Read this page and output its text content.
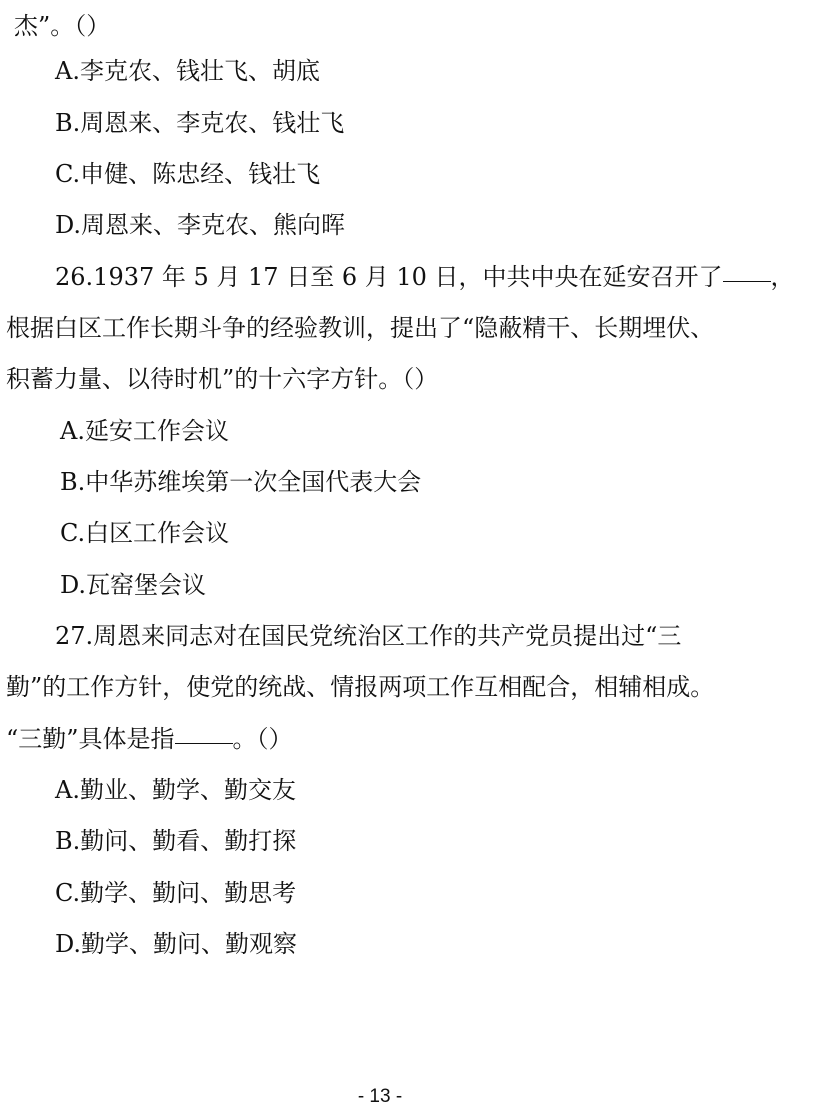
杰”。（）
A.李克农、钱壮飞、胡底
B.周恩来、李克农、钱壮飞
C.申健、陈忠经、钱壮飞
D.周恩来、李克农、熊向晖
26.1937 年 5 月 17 日至 6 月 10 日，中共中央在延安召开了 ，
根据白区工作长期斗争的经验教训，提出了“隐蔽精干、长期埋伏、
积蓄力量、以待时机”的十六字方针。（）
A.延安工作会议
B.中华苏维埃第一次全国代表大会
C.白区工作会议
D.瓦窑堡会议
27.周恩来同志对在国民党统治区工作的共产党员提出过“三
勤”的工作方针，使党的统战、情报两项工作互相配合，相辅相成。
“三勤”具体是指 。（）
A.勤业、勤学、勤交友
B.勤问、勤看、勤打探
C.勤学、勤问、勤思考
D.勤学、勤问、勤观察
- 13 -
